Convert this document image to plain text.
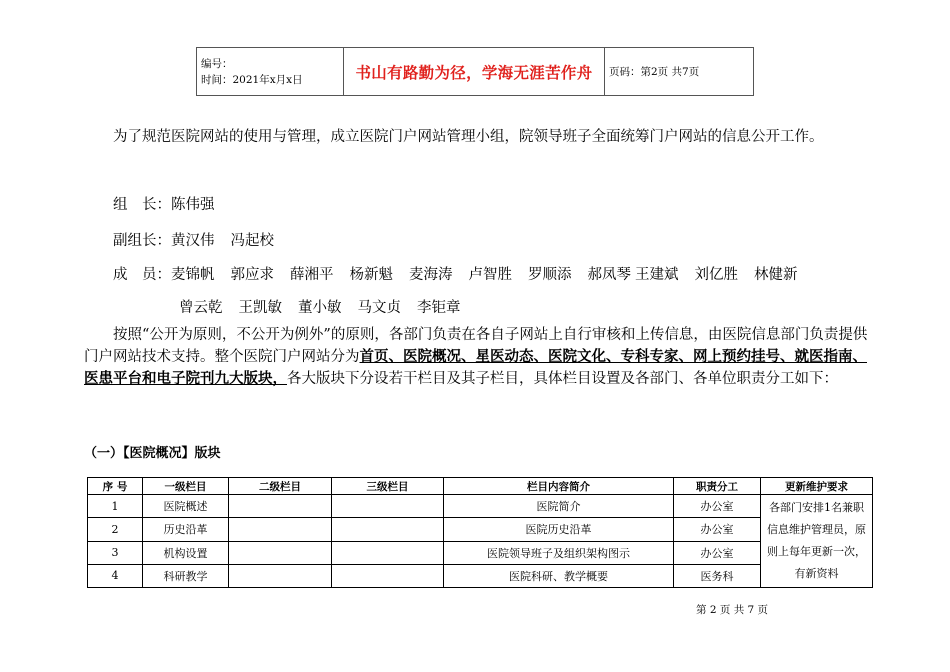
编号：
时间：2021年x月x日	书山有路勤为径，学海无涯苦作舟	页码：第2页 共7页
为了规范医院网站的使用与管理，成立医院门户网站管理小组，院领导班子全面统筹门户网站的信息公开工作。
组　长：陈伟强
副组长：黄汉伟 冯起校
成　员：麦锦帆 郭应求 薛湘平 杨新魁 麦海涛 卢智胜 罗顺添 郝凤琴 王建斌 刘亿胜 林健新
曾云乾 王凯敏 董小敏 马文贞 李钜章
按照“公开为原则，不公开为例外”的原则，各部门负责在各自子网站上自行审核和上传信息，由医院信息部门负责提供门户网站技术支持。整个医院门户网站分为首页、医院概况、星医动态、医院文化、专科专家、网上预约挂号、就医指南、医患平台和电子院刊九大版块，各大版块下分设若干栏目及其子栏目，具体栏目设置及各部门、各单位职责分工如下：
（一）【医院概况】版块
序 号	一级栏目	二级栏目	三级栏目	栏目内容简介	职责分工	更新维护要求
1	医院概述			医院简介	办公室	各部门安排1名兼职信息维护管理员，原则上每年更新一次，有新资料
2	历史沿革			医院历史沿革	办公室	
3	机构设置			医院领导班子及组织架构图示	办公室	
4	科研教学			医院科研、教学概要	医务科	
第 2 页 共 7 页
